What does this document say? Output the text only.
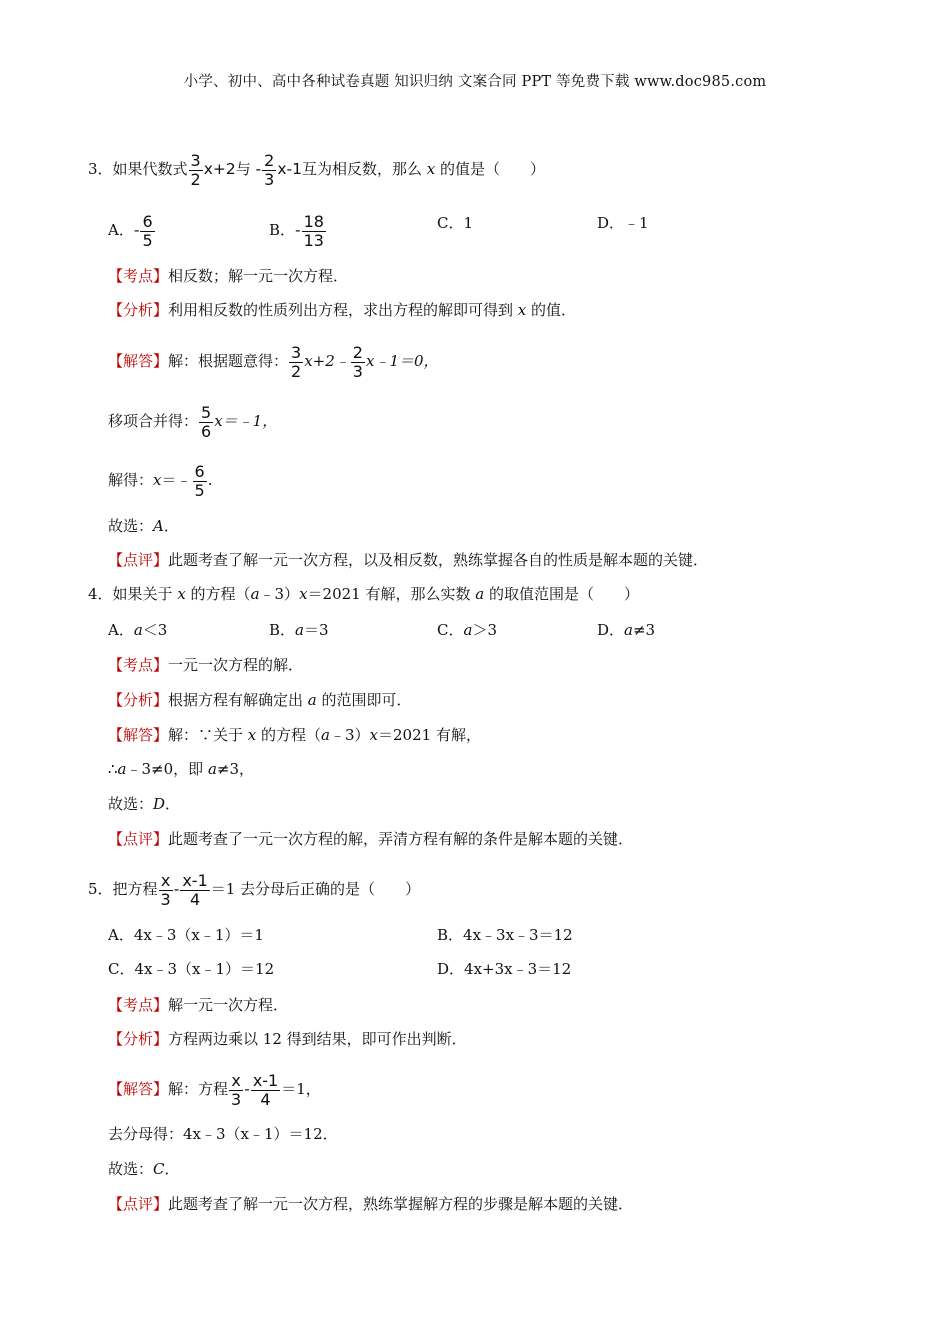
小学、初中、高中各种试卷真题 知识归纳 文案合同 PPT 等免费下载 www.doc985.com
3．如果代数式 $\frac{3}{2} x+2$与 - $\frac{2}{3} x-1$互为相反数，那么 x 的值是（　　）
A．- $\frac{6}{5}$	B．- $\frac{18}{13}$	C．1	D．﹣1
【考点】相反数；解一元一次方程．
【分析】利用相反数的性质列出方程，求出方程的解即可得到 x 的值．
【解答】解：根据题意得： $\frac{3}{2}$ x+2﹣ $\frac{2}{3}$ x﹣1＝0，
移项合并得： $\frac{5}{6}$ x＝﹣1，
解得：x＝﹣ $\frac{6}{5}$ .
故选：A．
【点评】此题考查了解一元一次方程，以及相反数，熟练掌握各自的性质是解本题的关键．
4．如果关于 x 的方程（a﹣3）x＝2021 有解，那么实数 a 的取值范围是（　　）
A．a＜3	B．a＝3	C．a＞3	D．a≠3
【考点】一元一次方程的解．
【分析】根据方程有解确定出 a 的范围即可．
【解答】解：∵关于 x 的方程（a﹣3）x＝2021 有解，
∴a﹣3≠0，即 a≠3，
故选：D．
【点评】此题考查了一元一次方程的解，弄清方程有解的条件是解本题的关键．
5．把方程 $\frac{x}{3} - \frac{x-1}{4} =1$ 去分母后正确的是（　　）
A．4x﹣3（x﹣1）＝1	B．4x﹣3x﹣3＝12
C．4x﹣3（x﹣1）＝12	D．4x+3x﹣3＝12
【考点】解一元一次方程．
【分析】方程两边乘以 12 得到结果，即可作出判断．
【解答】解：方程 $\frac{x}{3} - \frac{x-1}{4} =1$，
去分母得：4x﹣3（x﹣1）＝12．
故选：C．
【点评】此题考查了解一元一次方程，熟练掌握解方程的步骤是解本题的关键．
